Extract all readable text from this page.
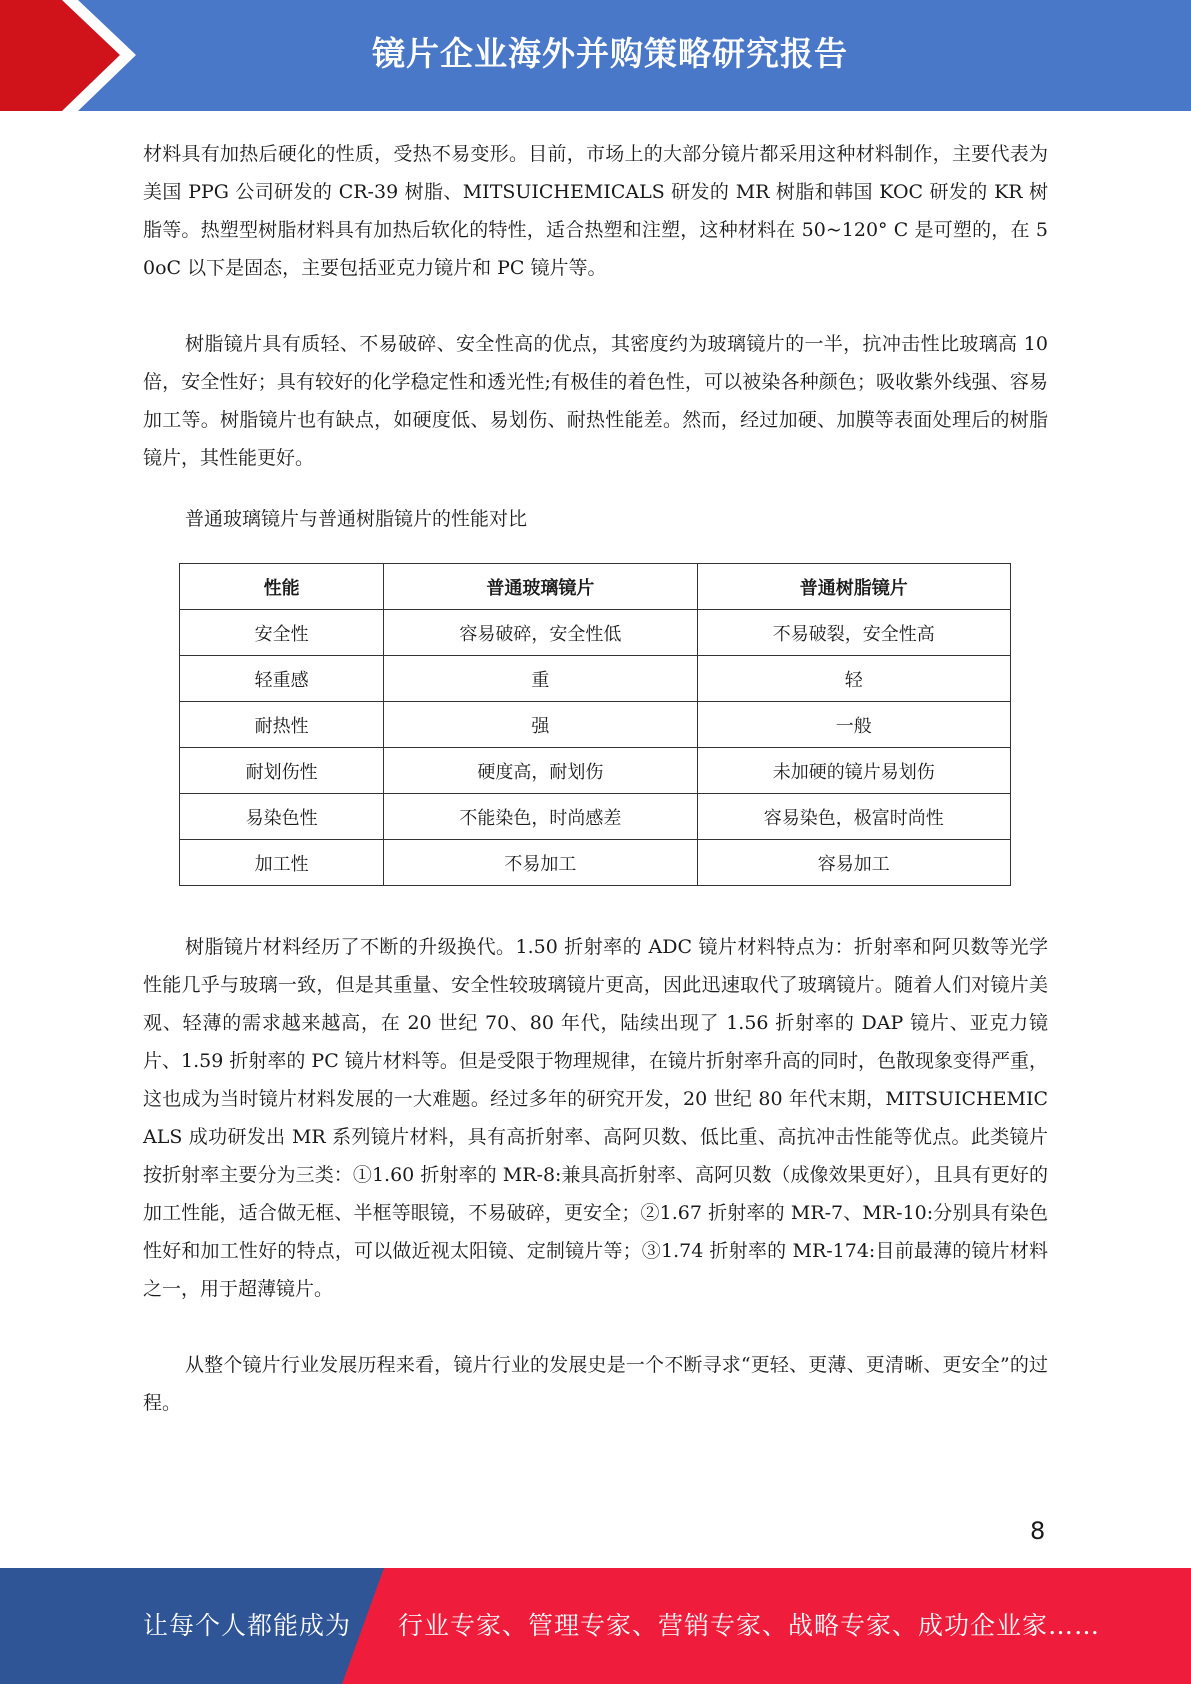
镜片企业海外并购策略研究报告

材料具有加热后硬化的性质，受热不易变形。目前，市场上的大部分镜片都采用这种材料制作，主要代表为美国 PPG 公司研发的 CR-39 树脂、MITSUICHEMICALS 研发的 MR 树脂和韩国 KOC 研发的 KR 树脂等。热塑型树脂材料具有加热后软化的特性，适合热塑和注塑，这种材料在 50~120° C 是可塑的，在 50oC 以下是固态，主要包括亚克力镜片和 PC 镜片等。

树脂镜片具有质轻、不易破碎、安全性高的优点，其密度约为玻璃镜片的一半，抗冲击性比玻璃高 10 倍，安全性好；具有较好的化学稳定性和透光性;有极佳的着色性，可以被染各种颜色；吸收紫外线强、容易加工等。树脂镜片也有缺点，如硬度低、易划伤、耐热性能差。然而，经过加硬、加膜等表面处理后的树脂镜片，其性能更好。

普通玻璃镜片与普通树脂镜片的性能对比
性能	普通玻璃镜片	普通树脂镜片
安全性	容易破碎，安全性低	不易破裂，安全性高
轻重感	重	轻
耐热性	强	一般
耐划伤性	硬度高，耐划伤	未加硬的镜片易划伤
易染色性	不能染色，时尚感差	容易染色，极富时尚性
加工性	不易加工	容易加工

树脂镜片材料经历了不断的升级换代。1.50 折射率的 ADC 镜片材料特点为：折射率和阿贝数等光学性能几乎与玻璃一致，但是其重量、安全性较玻璃镜片更高，因此迅速取代了玻璃镜片。随着人们对镜片美观、轻薄的需求越来越高，在 20 世纪 70、80 年代，陆续出现了 1.56 折射率的 DAP 镜片、亚克力镜片、1.59 折射率的 PC 镜片材料等。但是受限于物理规律，在镜片折射率升高的同时，色散现象变得严重，这也成为当时镜片材料发展的一大难题。经过多年的研究开发，20 世纪 80 年代末期，MITSUICHEMICALS 成功研发出 MR 系列镜片材料，具有高折射率、高阿贝数、低比重、高抗冲击性能等优点。此类镜片按折射率主要分为三类：①1.60 折射率的 MR-8:兼具高折射率、高阿贝数（成像效果更好），且具有更好的加工性能，适合做无框、半框等眼镜，不易破碎，更安全；②1.67 折射率的 MR-7、MR-10:分别具有染色性好和加工性好的特点，可以做近视太阳镜、定制镜片等；③1.74 折射率的 MR-174:目前最薄的镜片材料之一，用于超薄镜片。

从整个镜片行业发展历程来看，镜片行业的发展史是一个不断寻求“更轻、更薄、更清晰、更安全”的过程。

8
让每个人都能成为 行业专家、管理专家、营销专家、战略专家、成功企业家……
